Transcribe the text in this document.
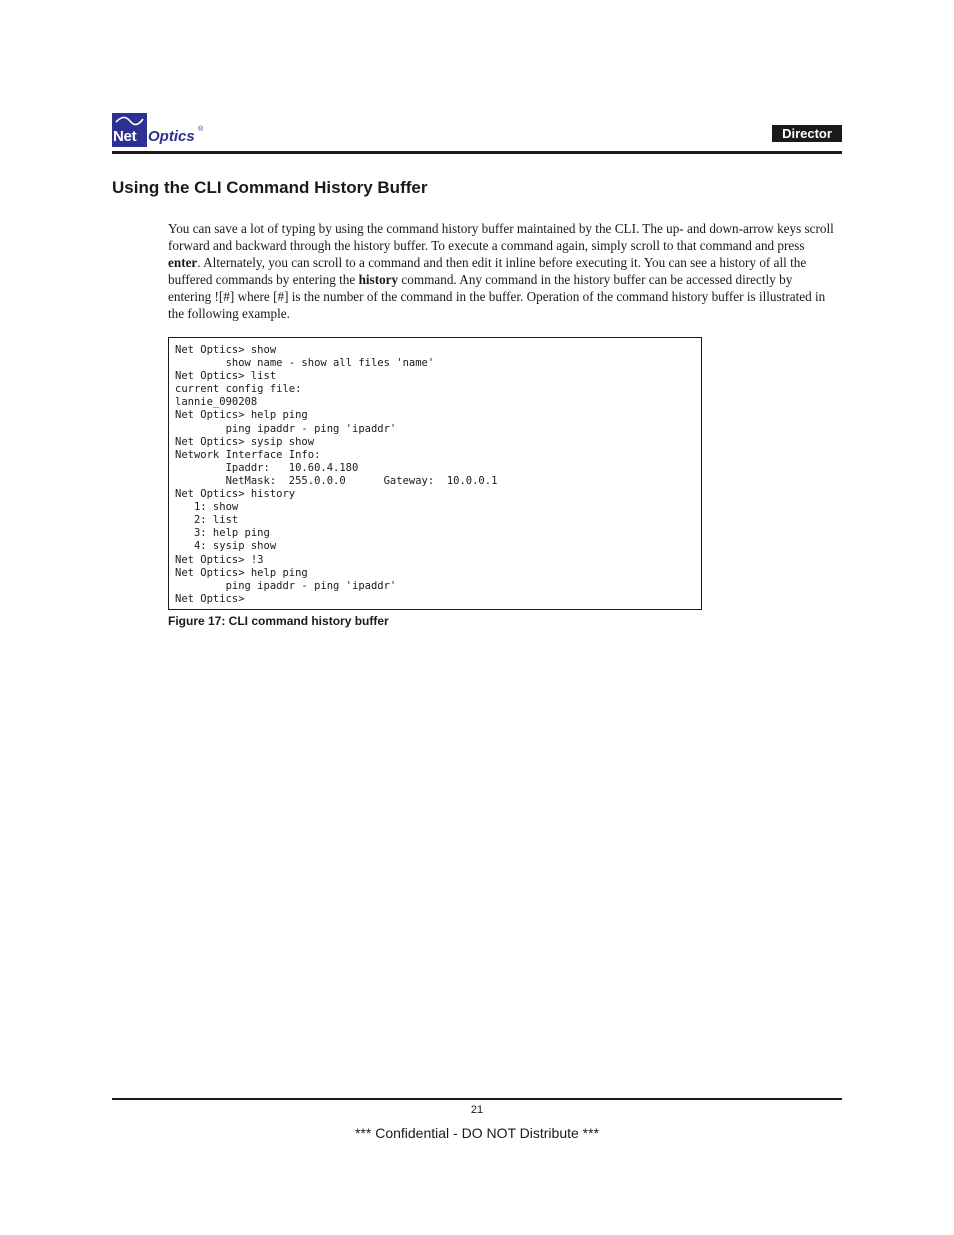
Net Optics ®	Director
Using the CLI Command History Buffer

You can save a lot of typing by using the command history buffer maintained by the CLI. The up- and down-arrow keys scroll forward and backward through the history buffer. To execute a command again, simply scroll to that command and press enter. Alternately, you can scroll to a command and then edit it inline before executing it. You can see a history of all the buffered commands by entering the history command. Any command in the history buffer can be accessed directly by entering ![#] where [#] is the number of the command in the buffer. Operation of the command history buffer is illustrated in the following example.

Net Optics> show
show name - show all files 'name'
Net Optics> list
current config file:
lannie_090208
Net Optics> help ping
ping ipaddr - ping 'ipaddr'
Net Optics> sysip show
Network Interface Info:
Ipaddr:   10.60.4.180
NetMask:  255.0.0.0      Gateway:  10.0.0.1
Net Optics> history
1: show
2: list
3: help ping
4: sysip show
Net Optics> !3
Net Optics> help ping
ping ipaddr - ping 'ipaddr'
Net Optics>

Figure 17: CLI command history buffer

21
*** Confidential - DO NOT Distribute ***
